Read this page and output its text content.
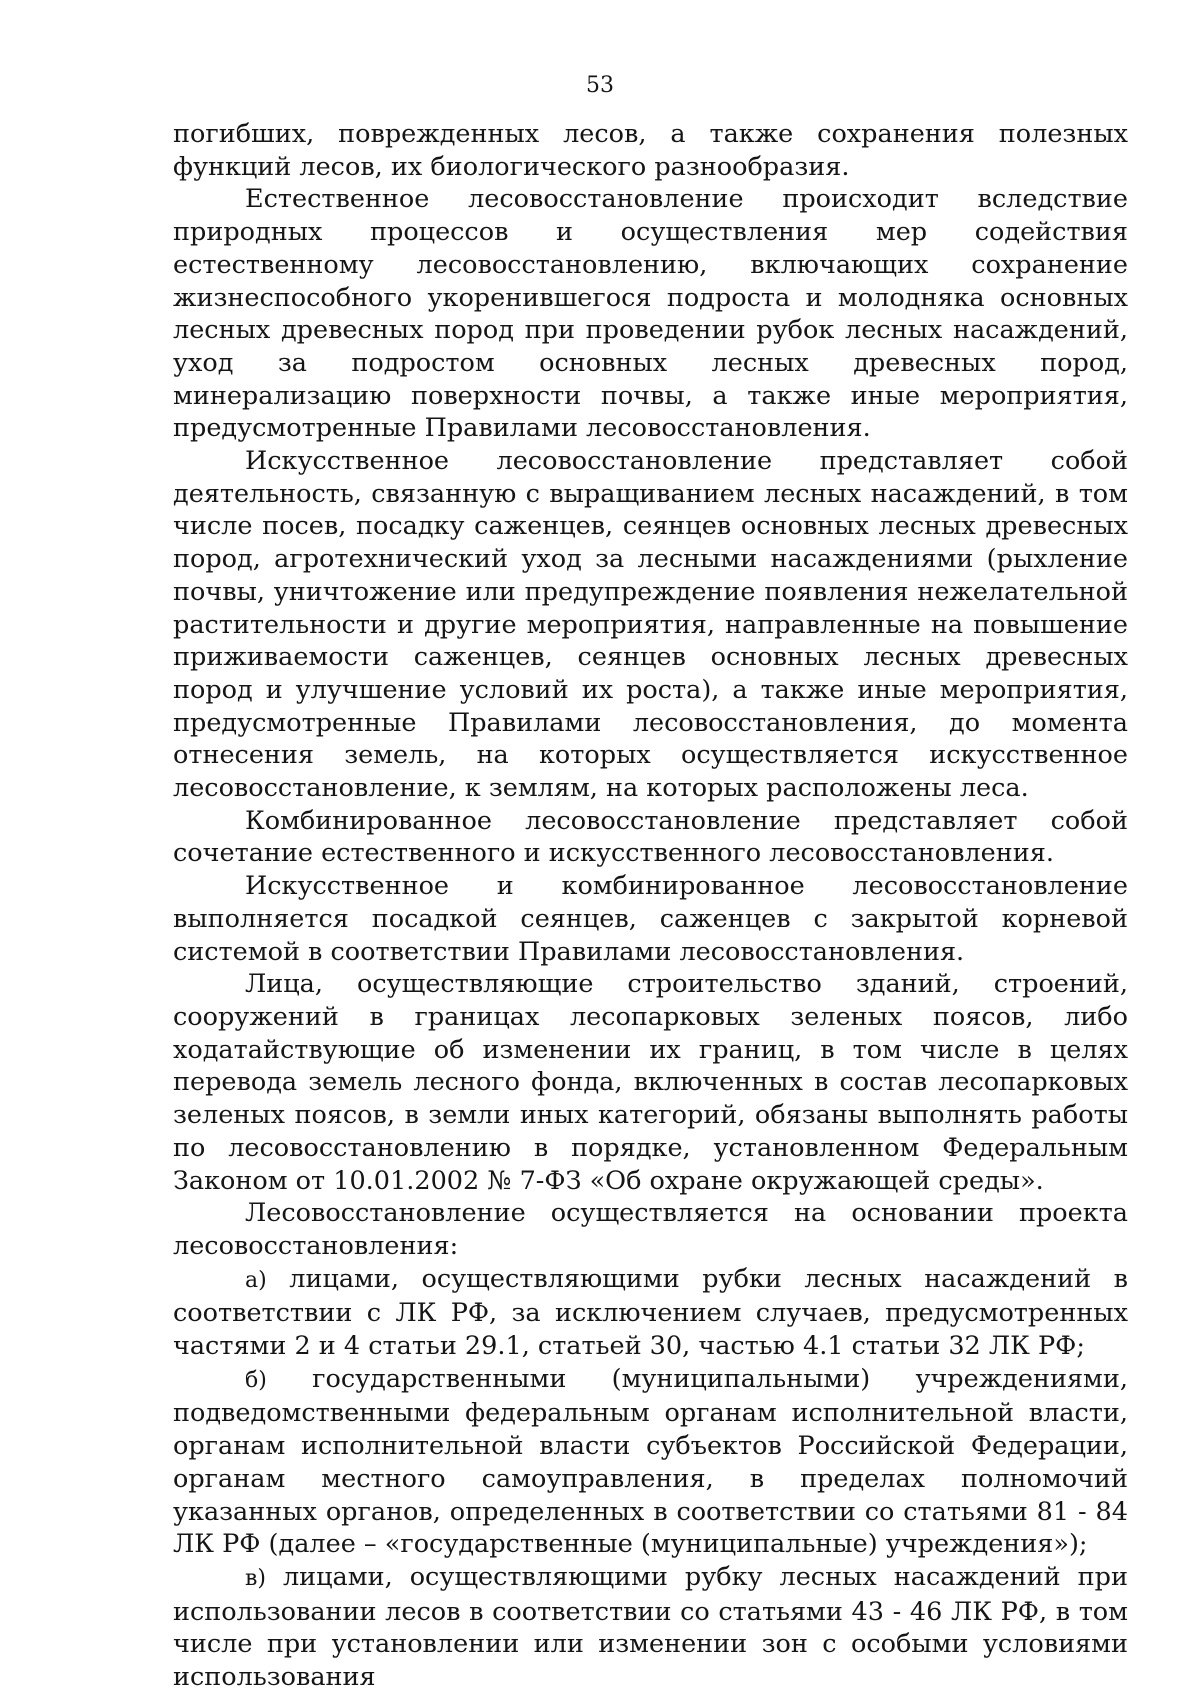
53

погибших, поврежденных лесов, а также сохранения полезных функций лесов, их биологического разнообразия.

Естественное лесовосстановление происходит вследствие природных процессов и осуществления мер содействия естественному лесовосстановлению, включающих сохранение жизнеспособного укоренившегося подроста и молодняка основных лесных древесных пород при проведении рубок лесных насаждений, уход за подростом основных лесных древесных пород, минерализацию поверхности почвы, а также иные мероприятия, предусмотренные Правилами лесовосстановления.

Искусственное лесовосстановление представляет собой деятельность, связанную с выращиванием лесных насаждений, в том числе посев, посадку саженцев, сеянцев основных лесных древесных пород, агротехнический уход за лесными насаждениями (рыхление почвы, уничтожение или предупреждение появления нежелательной растительности и другие мероприятия, направленные на повышение приживаемости саженцев, сеянцев основных лесных древесных пород и улучшение условий их роста), а также иные мероприятия, предусмотренные Правилами лесовосстановления, до момента отнесения земель, на которых осуществляется искусственное лесовосстановление, к землям, на которых расположены леса.

Комбинированное лесовосстановление представляет собой сочетание естественного и искусственного лесовосстановления.

Искусственное и комбинированное лесовосстановление выполняется посадкой сеянцев, саженцев с закрытой корневой системой в соответствии Правилами лесовосстановления.

Лица, осуществляющие строительство зданий, строений, сооружений в границах лесопарковых зеленых поясов, либо ходатайствующие об изменении их границ, в том числе в целях перевода земель лесного фонда, включенных в состав лесопарковых зеленых поясов, в земли иных категорий, обязаны выполнять работы по лесовосстановлению в порядке, установленном Федеральным Законом от 10.01.2002 № 7-ФЗ «Об охране окружающей среды».

Лесовосстановление осуществляется на основании проекта лесовосстановления:

а) лицами, осуществляющими рубки лесных насаждений в соответствии с ЛК РФ, за исключением случаев, предусмотренных частями 2 и 4 статьи 29.1, статьей 30, частью 4.1 статьи 32 ЛК РФ;

б) государственными (муниципальными) учреждениями, подведомственными федеральным органам исполнительной власти, органам исполнительной власти субъектов Российской Федерации, органам местного самоуправления, в пределах полномочий указанных органов, определенных в соответствии со статьями 81 - 84 ЛК РФ (далее – «государственные (муниципальные) учреждения»);

в) лицами, осуществляющими рубку лесных насаждений при использовании лесов в соответствии со статьями 43 - 46 ЛК РФ, в том числе при установлении или изменении зон с особыми условиями использования
